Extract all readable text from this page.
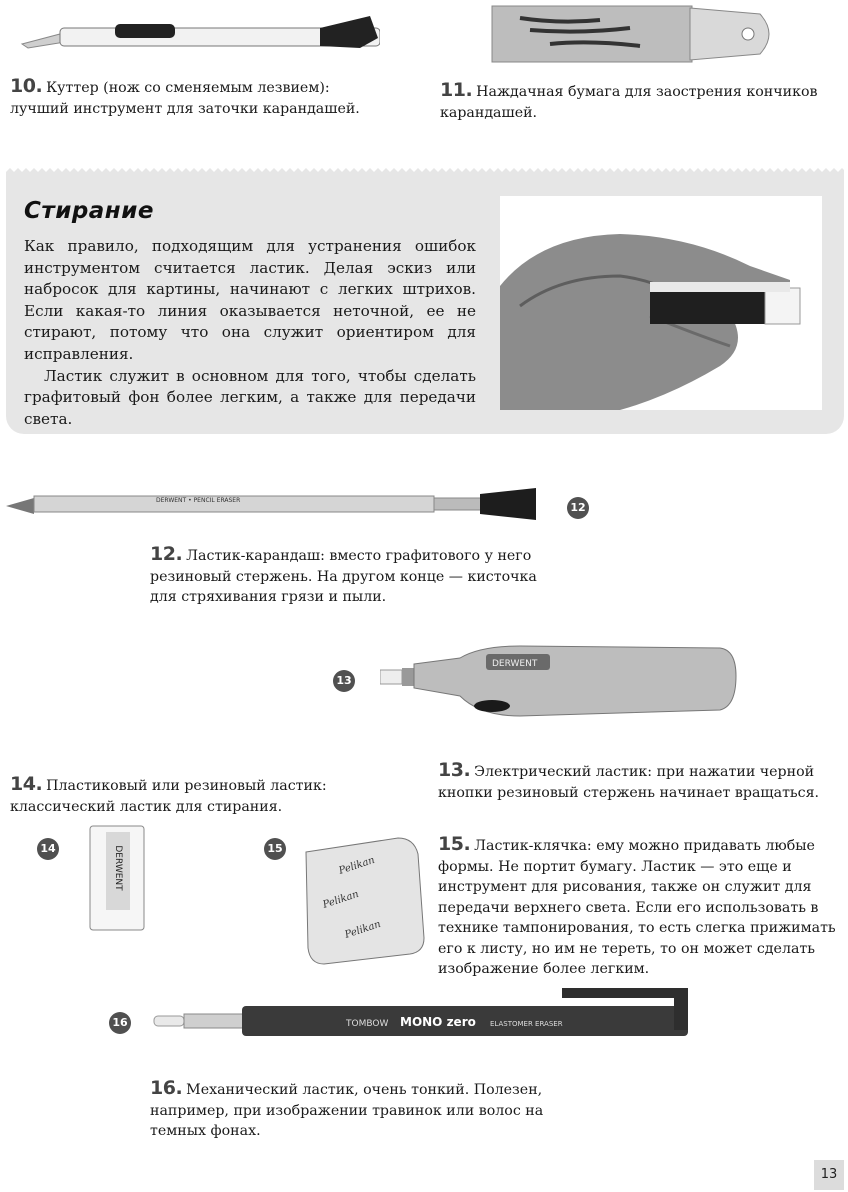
10. Куттер (нож со сменяемым лезвием): лучший инструмент для заточки карандашей.
11. Наждачная бумага для заострения кончиков карандашей.
Стирание

Как правило, подходящим для устранения ошибок инструментом считается ластик. Делая эскиз или набросок для картины, начинают с легких штрихов. Если какая-то линия оказывается неточной, ее не стирают, потому что она служит ориентиром для исправления.

Ластик служит в основном для того, чтобы сделать графитовый фон более легким, а также для передачи света.

DERWENT • PENCIL ERASER
12
12. Ластик-карандаш: вместо графитового у него резиновый стержень. На другом конце — кисточка для стряхивания грязи и пыли.
13
DERWENT
14. Пластиковый или резиновый ластик: классический ластик для стирания.
13. Электрический ластик: при нажатии черной кнопки резиновый стержень начинает вращаться.
14	DERWENT	15
Pelikan
Pelikan
Pelikan
15. Ластик-клячка: ему можно придавать любые формы. Не портит бумагу. Ластик — это еще и инструмент для рисования, также он служит для передачи верхнего света. Если его использовать в технике тампонирования, то есть слегка прижимать его к листу, но им не тереть, то он может сделать изображение более легким.
16	TOMBOW MONO zero ELASTOMER ERASER
16. Механический ластик, очень тонкий. Полезен, например, при изображении травинок или волос на темных фонах.
13
